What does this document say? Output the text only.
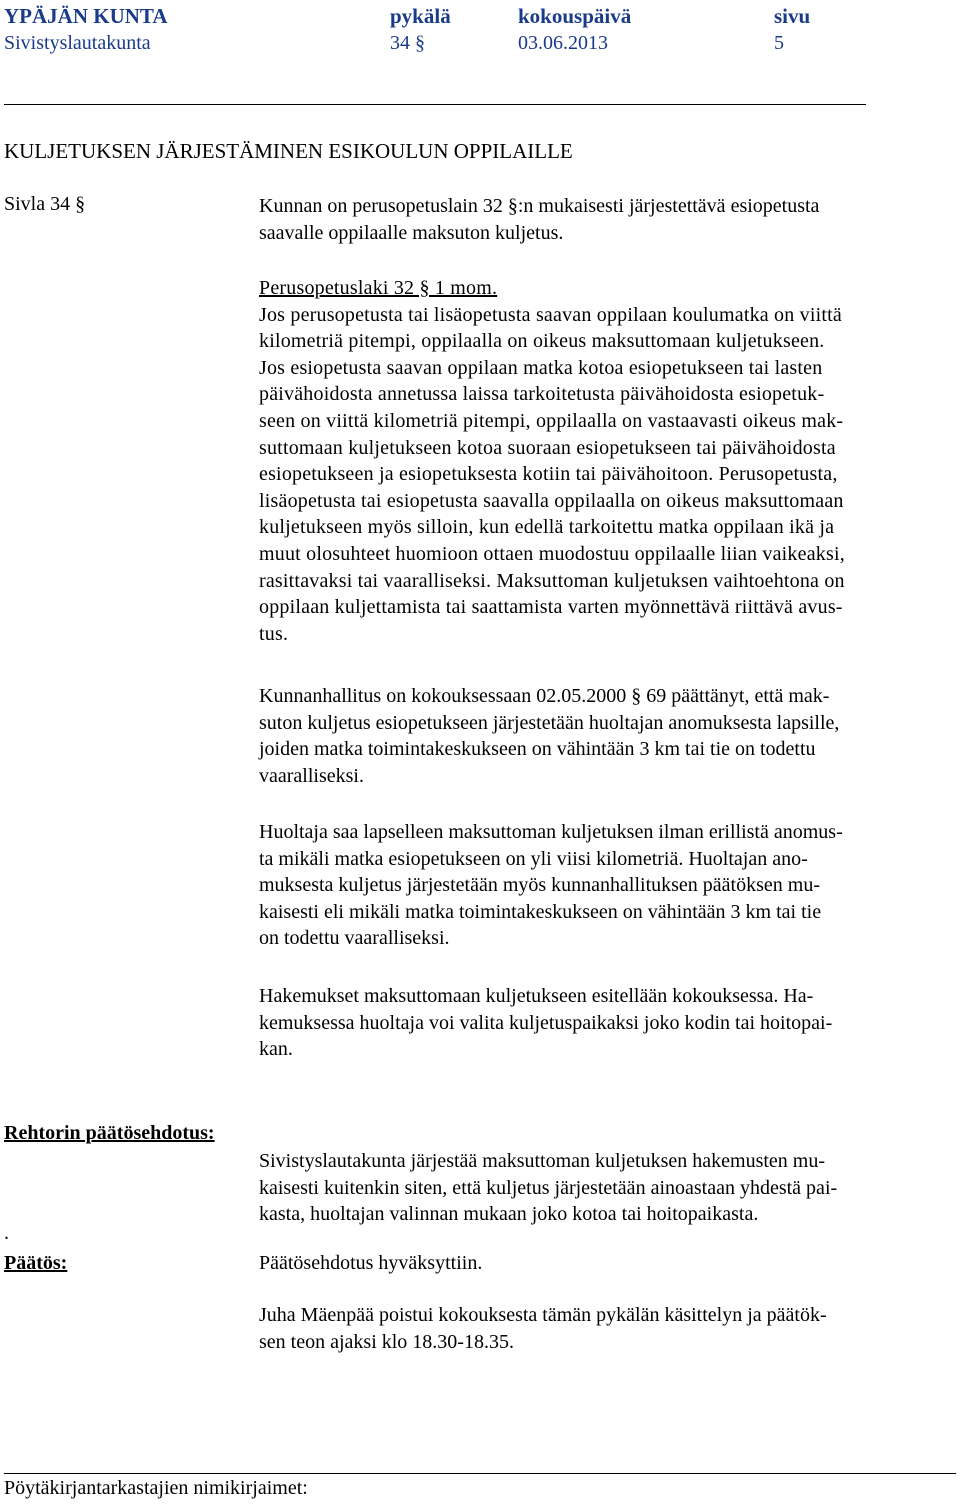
YPÄJÄN KUNTA	pykälä	kokouspäivä	sivu
Sivistyslautakunta	34 §	03.06.2013	5
KULJETUKSEN JÄRJESTÄMINEN ESIKOULUN OPPILAILLE
Sivla 34 §	Kunnan on perusopetuslain 32 §:n mukaisesti järjestettävä esiopetusta
saavalle oppilaalle maksuton kuljetus.
Perusopetuslaki 32 § 1 mom.
Jos perusopetusta tai lisäopetusta saavan oppilaan koulumatka on viittä
kilometriä pitempi, oppilaalla on oikeus maksuttomaan kuljetukseen.
Jos esiopetusta saavan oppilaan matka kotoa esiopetukseen tai lasten
päivähoidosta annetussa laissa tarkoitetusta päivähoidosta esiopetuk-
seen on viittä kilometriä pitempi, oppilaalla on vastaavasti oikeus mak-
suttomaan kuljetukseen kotoa suoraan esiopetukseen tai päivähoidosta
esiopetukseen ja esiopetuksesta kotiin tai päivähoitoon. Perusopetusta,
lisäopetusta tai esiopetusta saavalla oppilaalla on oikeus maksuttomaan
kuljetukseen myös silloin, kun edellä tarkoitettu matka oppilaan ikä ja
muut olosuhteet huomioon ottaen muodostuu oppilaalle liian vaikeaksi,
rasittavaksi tai vaaralliseksi. Maksuttoman kuljetuksen vaihtoehtona on
oppilaan kuljettamista tai saattamista varten myönnettävä riittävä avus-
tus.
Kunnanhallitus on kokouksessaan 02.05.2000 § 69 päättänyt, että mak-
suton kuljetus esiopetukseen järjestetään huoltajan anomuksesta lapsille,
joiden matka toimintakeskukseen on vähintään 3 km tai tie on todettu
vaaralliseksi.
Huoltaja saa lapselleen maksuttoman kuljetuksen ilman erillistä anomus-
ta mikäli matka esiopetukseen on yli viisi kilometriä. Huoltajan ano-
muksesta kuljetus järjestetään myös kunnanhallituksen päätöksen mu-
kaisesti eli mikäli matka toimintakeskukseen on vähintään 3 km tai tie
on todettu vaaralliseksi.
Hakemukset maksuttomaan kuljetukseen esitellään kokouksessa. Ha-
kemuksessa huoltaja voi valita kuljetuspaikaksi joko kodin tai hoitopai-
kan.
Rehtorin päätösehdotus:
Sivistyslautakunta järjestää maksuttoman kuljetuksen hakemusten mu-
kaisesti kuitenkin siten, että kuljetus järjestetään ainoastaan yhdestä pai-
kasta, huoltajan valinnan mukaan joko kotoa tai hoitopaikasta.
.
Päätös:	Päätösehdotus hyväksyttiin.
Juha Mäenpää poistui kokouksesta tämän pykälän käsittelyn ja päätök-
sen teon ajaksi klo 18.30-18.35.
Pöytäkirjantarkastajien nimikirjaimet:
